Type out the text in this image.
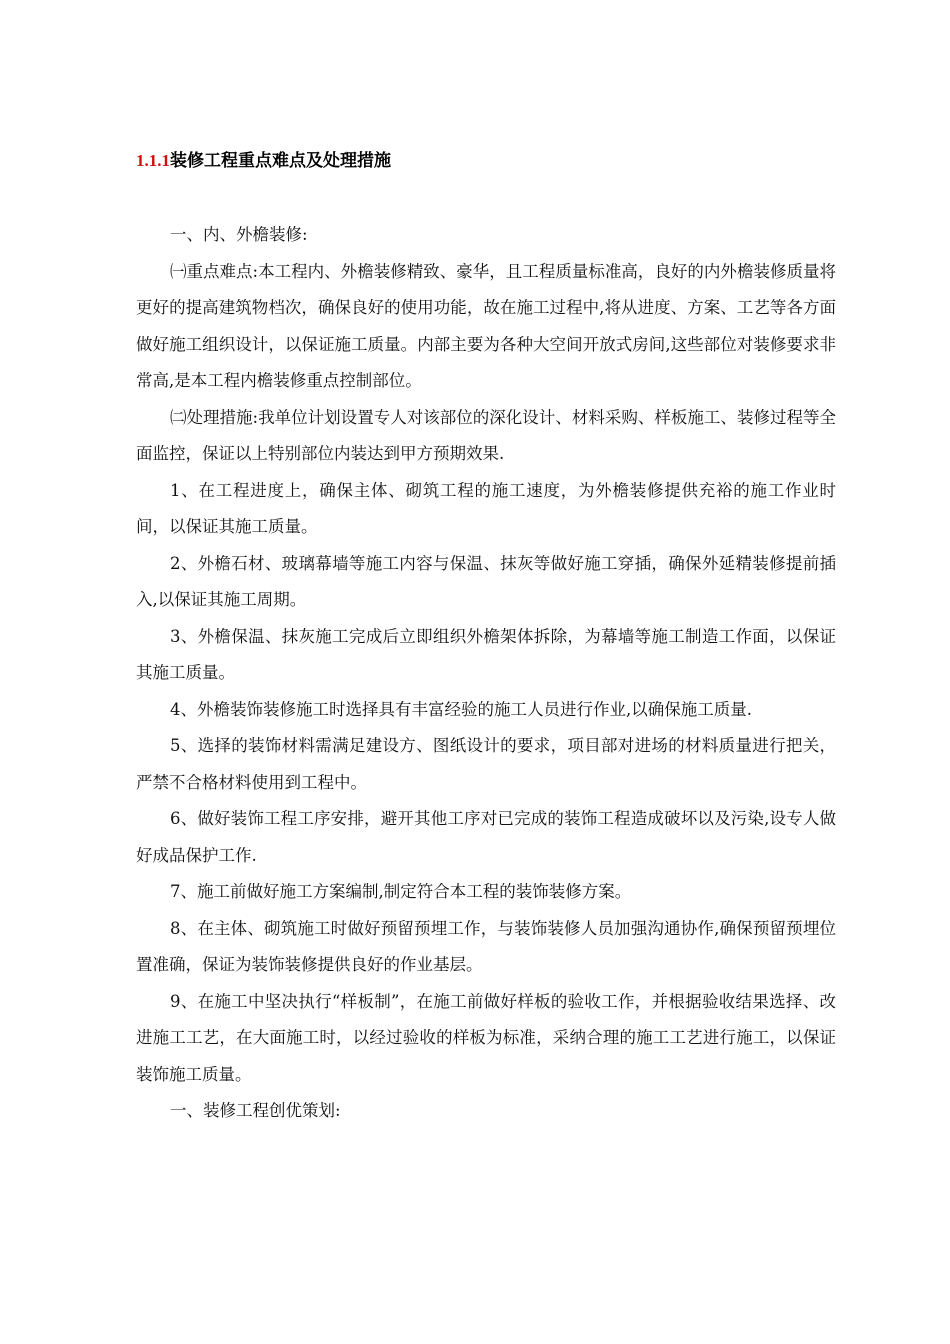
1.1.1装修工程重点难点及处理措施

一、内、外檐装修:

㈠重点难点:本工程内、外檐装修精致、豪华，且工程质量标准高，良好的内外檐装修质量将更好的提高建筑物档次，确保良好的使用功能，故在施工过程中,将从进度、方案、工艺等各方面做好施工组织设计，以保证施工质量。内部主要为各种大空间开放式房间,这些部位对装修要求非常高,是本工程内檐装修重点控制部位。

㈡处理措施:我单位计划设置专人对该部位的深化设计、材料采购、样板施工、装修过程等全面监控，保证以上特别部位内装达到甲方预期效果.

1、在工程进度上，确保主体、砌筑工程的施工速度，为外檐装修提供充裕的施工作业时间，以保证其施工质量。

2、外檐石材、玻璃幕墙等施工内容与保温、抹灰等做好施工穿插，确保外延精装修提前插入,以保证其施工周期。

3、外檐保温、抹灰施工完成后立即组织外檐架体拆除，为幕墙等施工制造工作面，以保证其施工质量。

4、外檐装饰装修施工时选择具有丰富经验的施工人员进行作业,以确保施工质量.

5、选择的装饰材料需满足建设方、图纸设计的要求，项目部对进场的材料质量进行把关，严禁不合格材料使用到工程中。

6、做好装饰工程工序安排，避开其他工序对已完成的装饰工程造成破坏以及污染,设专人做好成品保护工作.

7、施工前做好施工方案编制,制定符合本工程的装饰装修方案。

8、在主体、砌筑施工时做好预留预埋工作，与装饰装修人员加强沟通协作,确保预留预埋位置准确，保证为装饰装修提供良好的作业基层。

9、在施工中坚决执行“样板制”，在施工前做好样板的验收工作，并根据验收结果选择、改进施工工艺，在大面施工时，以经过验收的样板为标准，采纳合理的施工工艺进行施工，以保证装饰施工质量。

一、装修工程创优策划:
